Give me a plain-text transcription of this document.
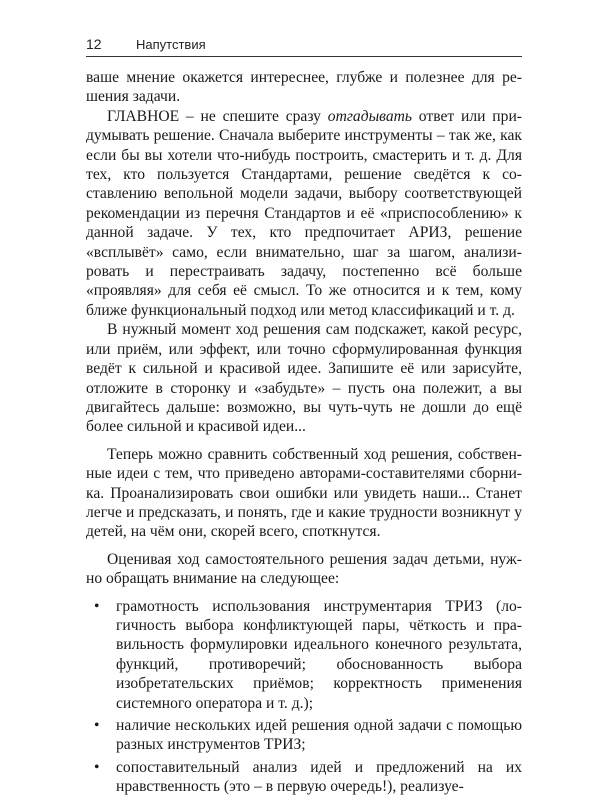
12	Напутствия

ваше мнение окажется интереснее, глубже и полезнее для решения задачи.

ГЛАВНОЕ – не спешите сразу отгадывать ответ или придумывать решение. Сначала выберите инструменты – так же, как если бы вы хотели что-нибудь построить, смастерить и т. д. Для тех, кто пользуется Стандартами, решение сведётся к составлению вепольной модели задачи, выбору соответствующей рекомендации из перечня Стандартов и её «приспособлению» к данной задаче. У тех, кто предпочитает АРИЗ, решение «всплывёт» само, если внимательно, шаг за шагом, анализировать и перестраивать задачу, постепенно всё больше «проявляя» для себя её смысл. То же относится и к тем, кому ближе функциональный подход или метод классификаций и т. д.

В нужный момент ход решения сам подскажет, какой ресурс, или приём, или эффект, или точно сформулированная функция ведёт к сильной и красивой идее. Запишите её или зарисуйте, отложите в сторонку и «забудьте» – пусть она полежит, а вы двигайтесь дальше: возможно, вы чуть-чуть не дошли до ещё более сильной и красивой идеи...

Теперь можно сравнить собственный ход решения, собственные идеи с тем, что приведено авторами-составителями сборника. Проанализировать свои ошибки или увидеть наши... Станет легче и предсказать, и понять, где и какие трудности возникнут у детей, на чём они, скорей всего, споткнутся.

Оценивая ход самостоятельного решения задач детьми, нужно обращать внимание на следующее:

• грамотность использования инструментария ТРИЗ (логичность выбора конфликтующей пары, чёткость и правильность формулировки идеального конечного результата, функций, противоречий; обоснованность выбора изобретательских приёмов; корректность применения системного оператора и т. д.);
• наличие нескольких идей решения одной задачи с помощью разных инструментов ТРИЗ;
• сопоставительный анализ идей и предложений на их нравственность (это – в первую очередь!), реализуе-
